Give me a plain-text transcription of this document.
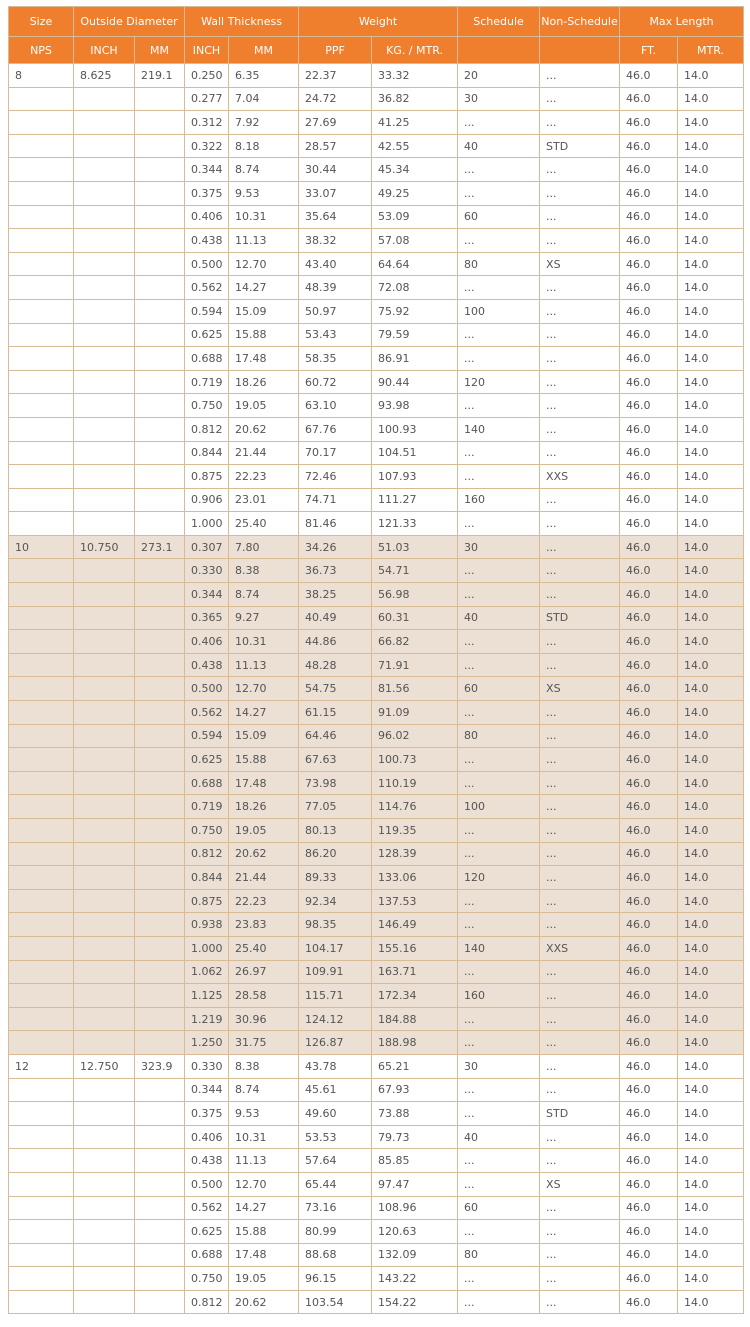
Size	Outside Diameter		Wall Thickness		Weight		Schedule	Non-Schedule	Max Length	
NPS	INCH	MM	INCH	MM	PPF	KG. / MTR.			FT.	MTR.
8	8.625	219.1	0.250	6.35	22.37	33.32	20	...	46.0	14.0
			0.277	7.04	24.72	36.82	30	...	46.0	14.0
			0.312	7.92	27.69	41.25	...	...	46.0	14.0
			0.322	8.18	28.57	42.55	40	STD	46.0	14.0
			0.344	8.74	30.44	45.34	...	...	46.0	14.0
			0.375	9.53	33.07	49.25	...	...	46.0	14.0
			0.406	10.31	35.64	53.09	60	...	46.0	14.0
			0.438	11.13	38.32	57.08	...	...	46.0	14.0
			0.500	12.70	43.40	64.64	80	XS	46.0	14.0
			0.562	14.27	48.39	72.08	...	...	46.0	14.0
			0.594	15.09	50.97	75.92	100	...	46.0	14.0
			0.625	15.88	53.43	79.59	...	...	46.0	14.0
			0.688	17.48	58.35	86.91	...	...	46.0	14.0
			0.719	18.26	60.72	90.44	120	...	46.0	14.0
			0.750	19.05	63.10	93.98	...	...	46.0	14.0
			0.812	20.62	67.76	100.93	140	...	46.0	14.0
			0.844	21.44	70.17	104.51	...	...	46.0	14.0
			0.875	22.23	72.46	107.93	...	XXS	46.0	14.0
			0.906	23.01	74.71	111.27	160	...	46.0	14.0
			1.000	25.40	81.46	121.33	...	...	46.0	14.0
10	10.750	273.1	0.307	7.80	34.26	51.03	30	...	46.0	14.0
			0.330	8.38	36.73	54.71	...	...	46.0	14.0
			0.344	8.74	38.25	56.98	...	...	46.0	14.0
			0.365	9.27	40.49	60.31	40	STD	46.0	14.0
			0.406	10.31	44.86	66.82	...	...	46.0	14.0
			0.438	11.13	48.28	71.91	...	...	46.0	14.0
			0.500	12.70	54.75	81.56	60	XS	46.0	14.0
			0.562	14.27	61.15	91.09	...	...	46.0	14.0
			0.594	15.09	64.46	96.02	80	...	46.0	14.0
			0.625	15.88	67.63	100.73	...	...	46.0	14.0
			0.688	17.48	73.98	110.19	...	...	46.0	14.0
			0.719	18.26	77.05	114.76	100	...	46.0	14.0
			0.750	19.05	80.13	119.35	...	...	46.0	14.0
			0.812	20.62	86.20	128.39	...	...	46.0	14.0
			0.844	21.44	89.33	133.06	120	...	46.0	14.0
			0.875	22.23	92.34	137.53	...	...	46.0	14.0
			0.938	23.83	98.35	146.49	...	...	46.0	14.0
			1.000	25.40	104.17	155.16	140	XXS	46.0	14.0
			1.062	26.97	109.91	163.71	...	...	46.0	14.0
			1.125	28.58	115.71	172.34	160	...	46.0	14.0
			1.219	30.96	124.12	184.88	...	...	46.0	14.0
			1.250	31.75	126.87	188.98	...	...	46.0	14.0
12	12.750	323.9	0.330	8.38	43.78	65.21	30	...	46.0	14.0
			0.344	8.74	45.61	67.93	...	...	46.0	14.0
			0.375	9.53	49.60	73.88	...	STD	46.0	14.0
			0.406	10.31	53.53	79.73	40	...	46.0	14.0
			0.438	11.13	57.64	85.85	...	...	46.0	14.0
			0.500	12.70	65.44	97.47	...	XS	46.0	14.0
			0.562	14.27	73.16	108.96	60	...	46.0	14.0
			0.625	15.88	80.99	120.63	...	...	46.0	14.0
			0.688	17.48	88.68	132.09	80	...	46.0	14.0
			0.750	19.05	96.15	143.22	...	...	46.0	14.0
			0.812	20.62	103.54	154.22	...	...	46.0	14.0
